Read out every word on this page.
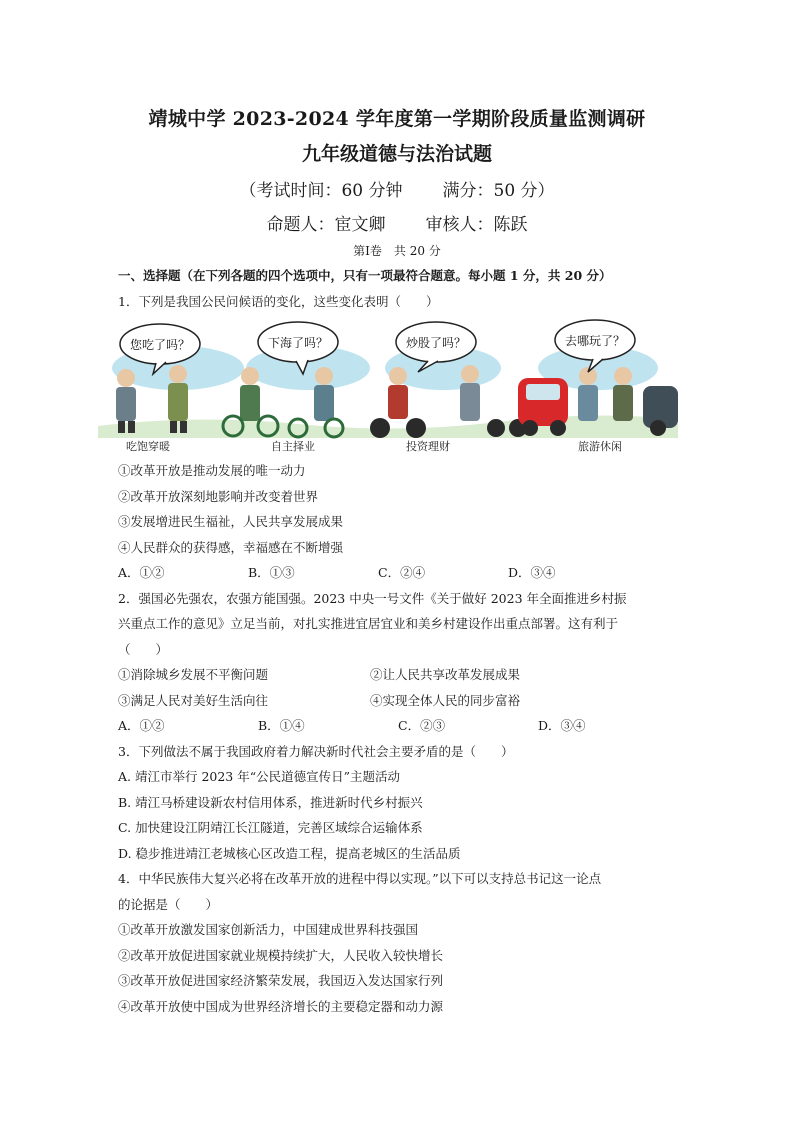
靖城中学 2023-2024 学年度第一学期阶段质量监测调研
九年级道德与法治试题
（考试时间：60 分钟 满分：50 分）
命题人：宦文卿 审核人：陈跃
第Ⅰ卷　共 20 分
一、选择题（在下列各题的四个选项中，只有一项最符合题意。每小题 1 分，共 20 分）
1．下列是我国公民问候语的变化，这些变化表明（　　）
您吃了吗？	下海了吗？	炒股了吗？	去哪玩了？
吃饱穿暖	自主择业	投资理财	旅游休闲
①改革开放是推动发展的唯一动力
②改革开放深刻地影响并改变着世界
③发展增进民生福祉，人民共享发展成果
④人民群众的获得感，幸福感在不断增强
A．①②	B．①③	C．②④	D．③④
2．强国必先强农，农强方能国强。2023 中央一号文件《关于做好 2023 年全面推进乡村振
兴重点工作的意见》立足当前，对扎实推进宜居宜业和美乡村建设作出重点部署。这有利于
（　　）
①消除城乡发展不平衡问题	②让人民共享改革发展成果
③满足人民对美好生活向往	④实现全体人民的同步富裕
A．①②	B．①④	C．②③	D．③④
3．下列做法不属于我国政府着力解决新时代社会主要矛盾的是（　　）
A. 靖江市举行 2023 年“公民道德宣传日”主题活动
B. 靖江马桥建设新农村信用体系，推进新时代乡村振兴
C. 加快建设江阴靖江长江隧道，完善区域综合运输体系
D. 稳步推进靖江老城核心区改造工程，提高老城区的生活品质
4．中华民族伟大复兴必将在改革开放的进程中得以实现。”以下可以支持总书记这一论点
的论据是（　　）
①改革开放激发国家创新活力，中国建成世界科技强国
②改革开放促进国家就业规模持续扩大，人民收入较快增长
③改革开放促进国家经济繁荣发展，我国迈入发达国家行列
④改革开放使中国成为世界经济增长的主要稳定器和动力源
